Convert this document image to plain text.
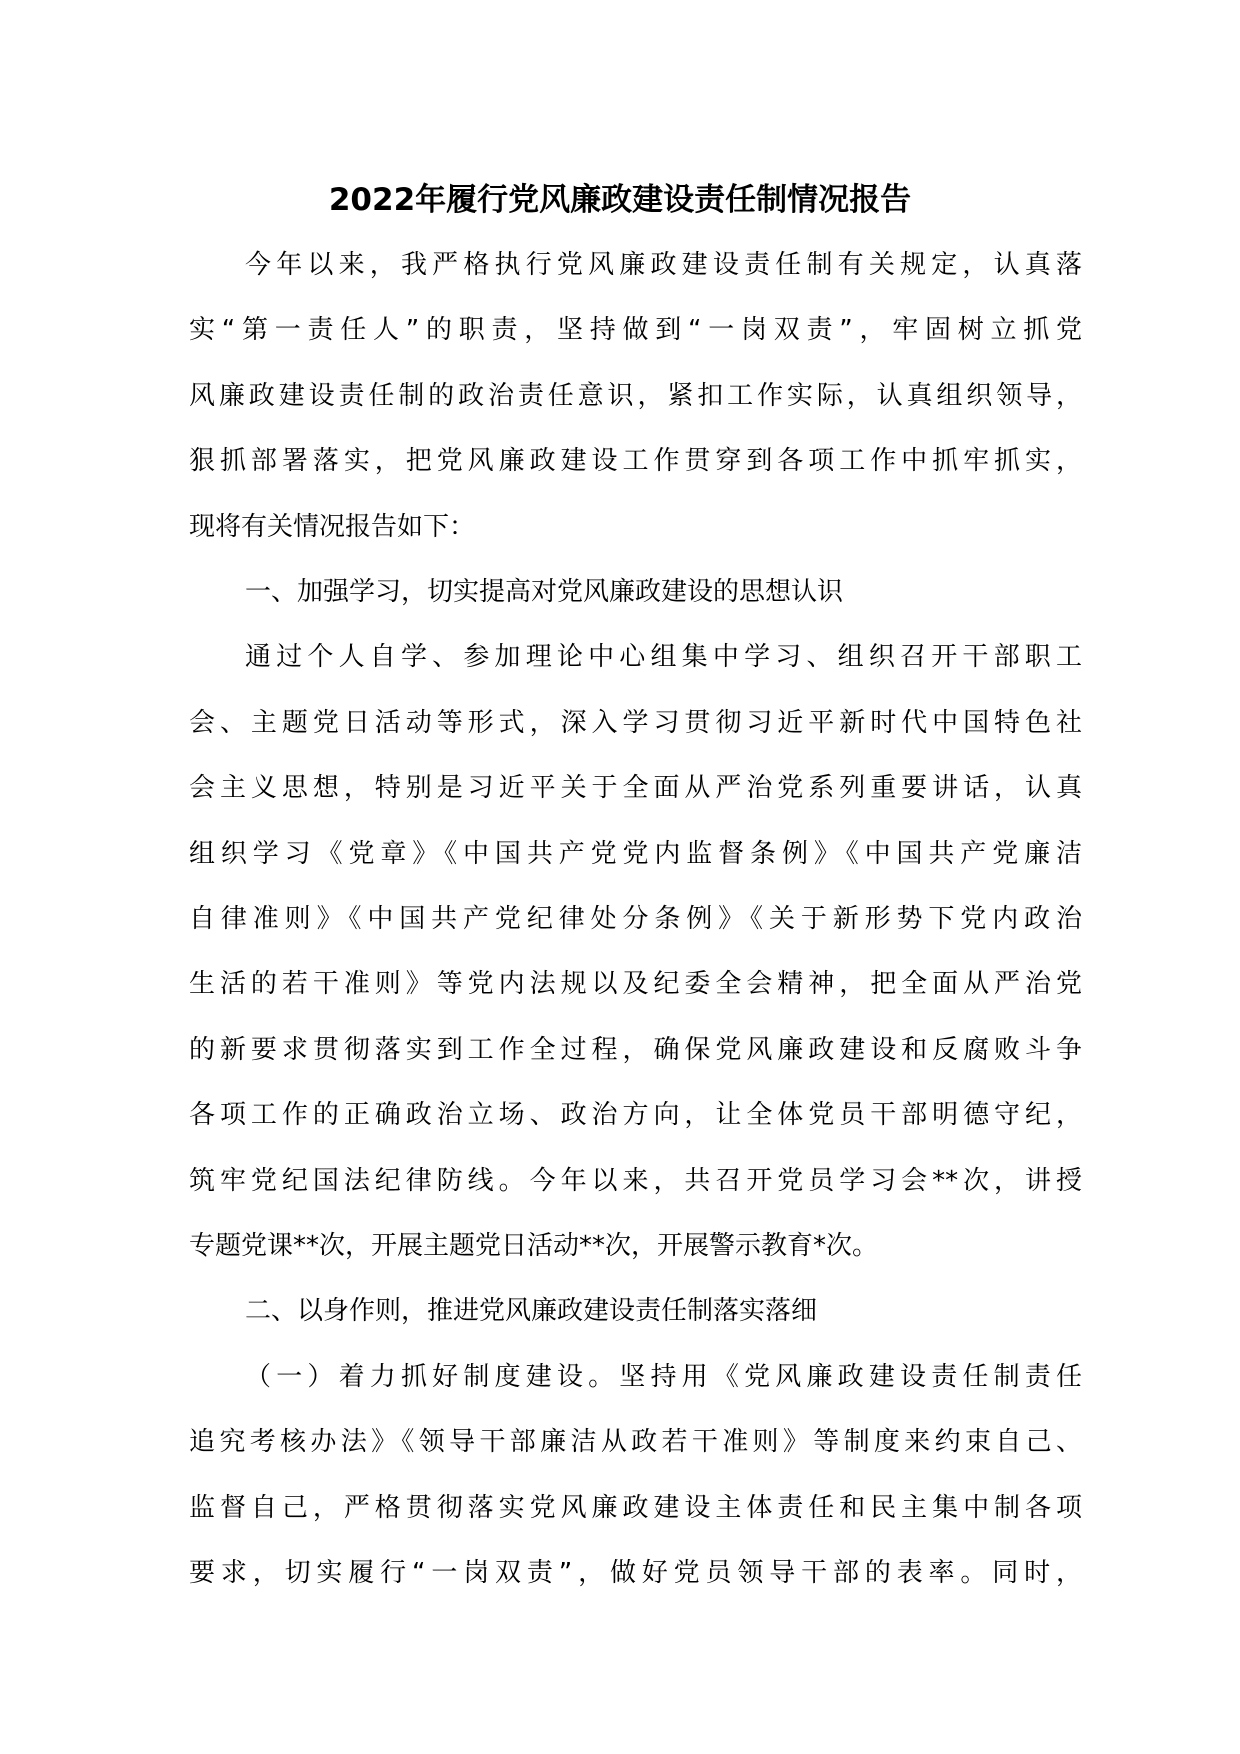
2022年履行党风廉政建设责任制情况报告
今年以来，我严格执行党风廉政建设责任制有关规定，认真落
实“第一责任人”的职责，坚持做到“一岗双责”，牢固树立抓党
风廉政建设责任制的政治责任意识，紧扣工作实际，认真组织领导，
狠抓部署落实，把党风廉政建设工作贯穿到各项工作中抓牢抓实，
现将有关情况报告如下：
一、加强学习，切实提高对党风廉政建设的思想认识
通过个人自学、参加理论中心组集中学习、组织召开干部职工
会、主题党日活动等形式，深入学习贯彻习近平新时代中国特色社
会主义思想，特别是习近平关于全面从严治党系列重要讲话，认真
组织学习《党章》《中国共产党党内监督条例》《中国共产党廉洁
自律准则》《中国共产党纪律处分条例》《关于新形势下党内政治
生活的若干准则》等党内法规以及纪委全会精神，把全面从严治党
的新要求贯彻落实到工作全过程，确保党风廉政建设和反腐败斗争
各项工作的正确政治立场、政治方向，让全体党员干部明德守纪，
筑牢党纪国法纪律防线。今年以来，共召开党员学习会**次，讲授
专题党课**次，开展主题党日活动**次，开展警示教育*次。
二、以身作则，推进党风廉政建设责任制落实落细
（一）着力抓好制度建设。坚持用《党风廉政建设责任制责任
追究考核办法》《领导干部廉洁从政若干准则》等制度来约束自己、
监督自己，严格贯彻落实党风廉政建设主体责任和民主集中制各项
要求，切实履行“一岗双责”，做好党员领导干部的表率。同时，
